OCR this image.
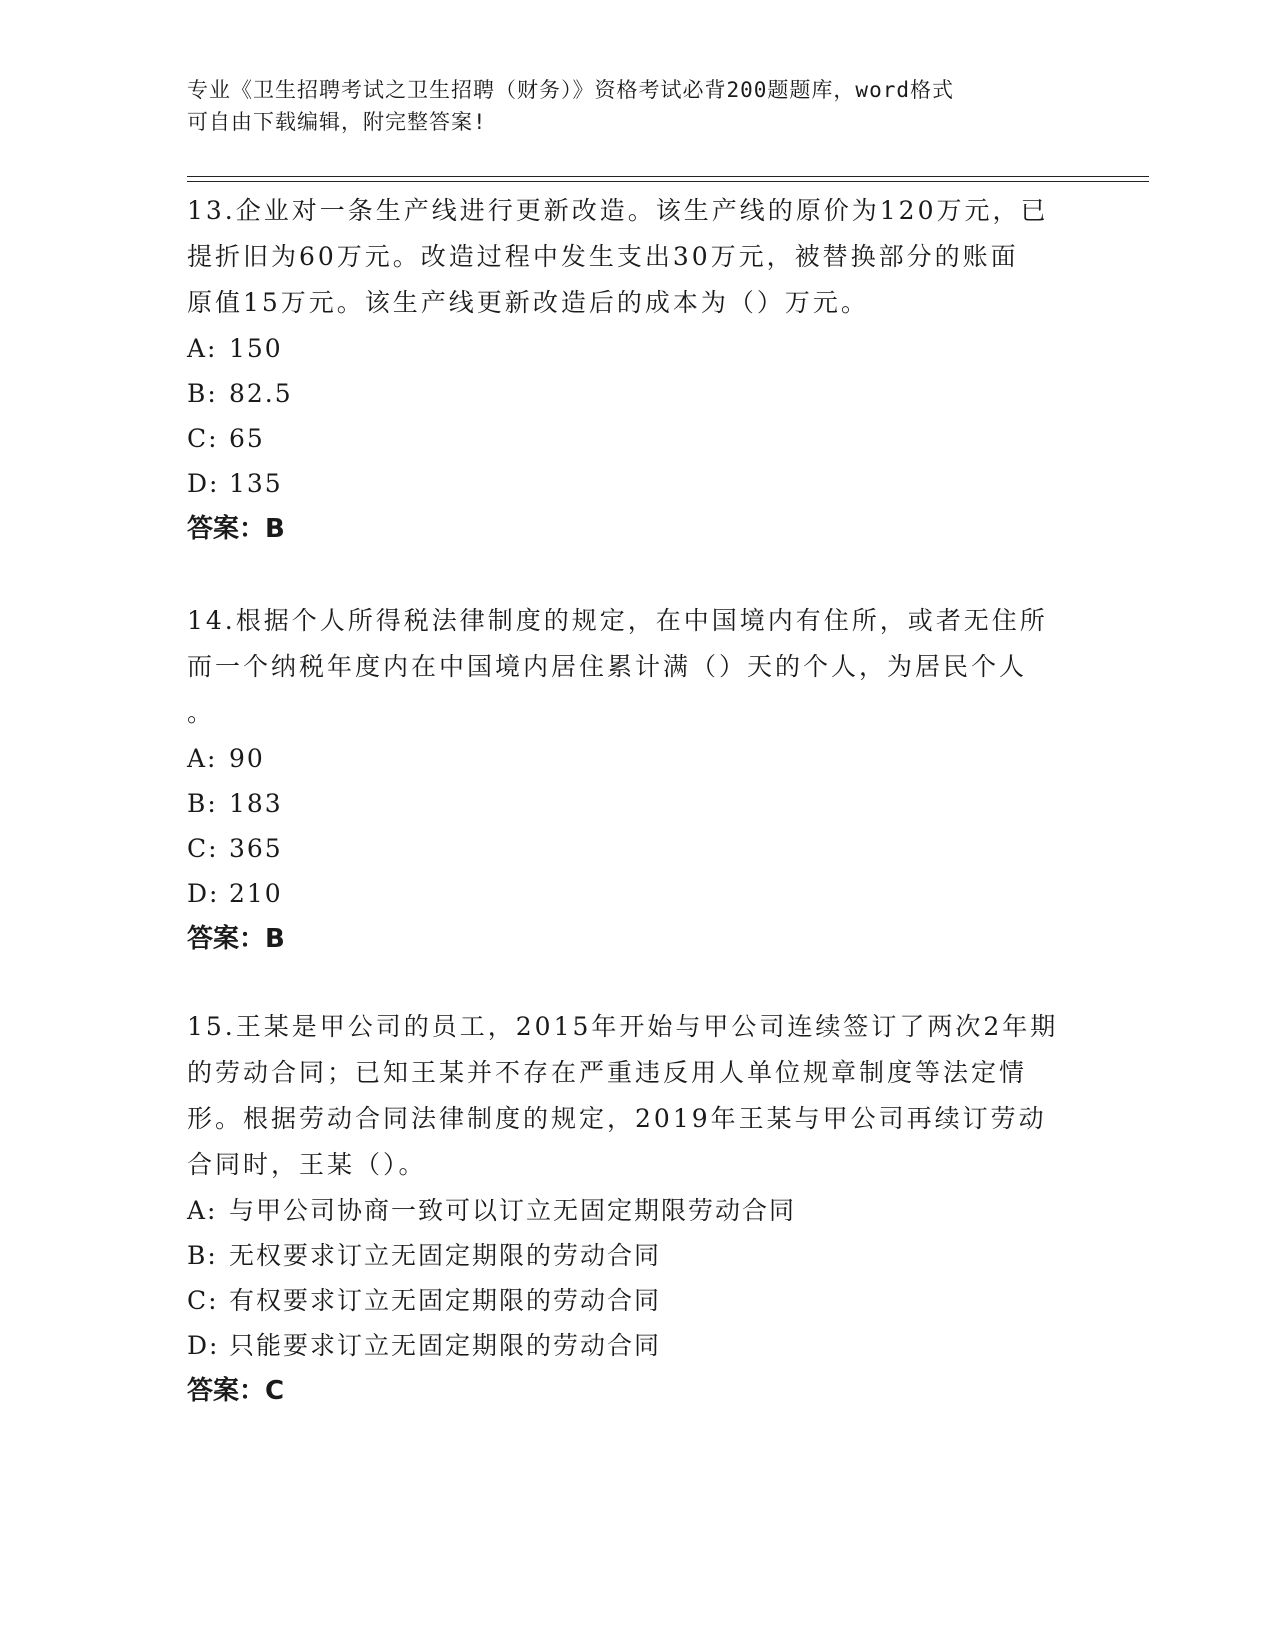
专业《卫生招聘考试之卫生招聘（财务）》资格考试必背200题题库，word格式

可自由下载编辑，附完整答案!

13.企业对一条生产线进行更新改造。该生产线的原价为120万元，已

提折旧为60万元。改造过程中发生支出30万元，被替换部分的账面

原值15万元。该生产线更新改造后的成本为（）万元。

A: 150

B: 82.5

C: 65

D: 135

答案：B

14.根据个人所得税法律制度的规定，在中国境内有住所，或者无住所

而一个纳税年度内在中国境内居住累计满（）天的个人，为居民个人

。

A: 90

B: 183

C: 365

D: 210

答案：B

15.王某是甲公司的员工，2015年开始与甲公司连续签订了两次2年期

的劳动合同；已知王某并不存在严重违反用人单位规章制度等法定情

形。根据劳动合同法律制度的规定，2019年王某与甲公司再续订劳动

合同时，王某（）。

A: 与甲公司协商一致可以订立无固定期限劳动合同

B: 无权要求订立无固定期限的劳动合同

C: 有权要求订立无固定期限的劳动合同

D: 只能要求订立无固定期限的劳动合同

答案：C
